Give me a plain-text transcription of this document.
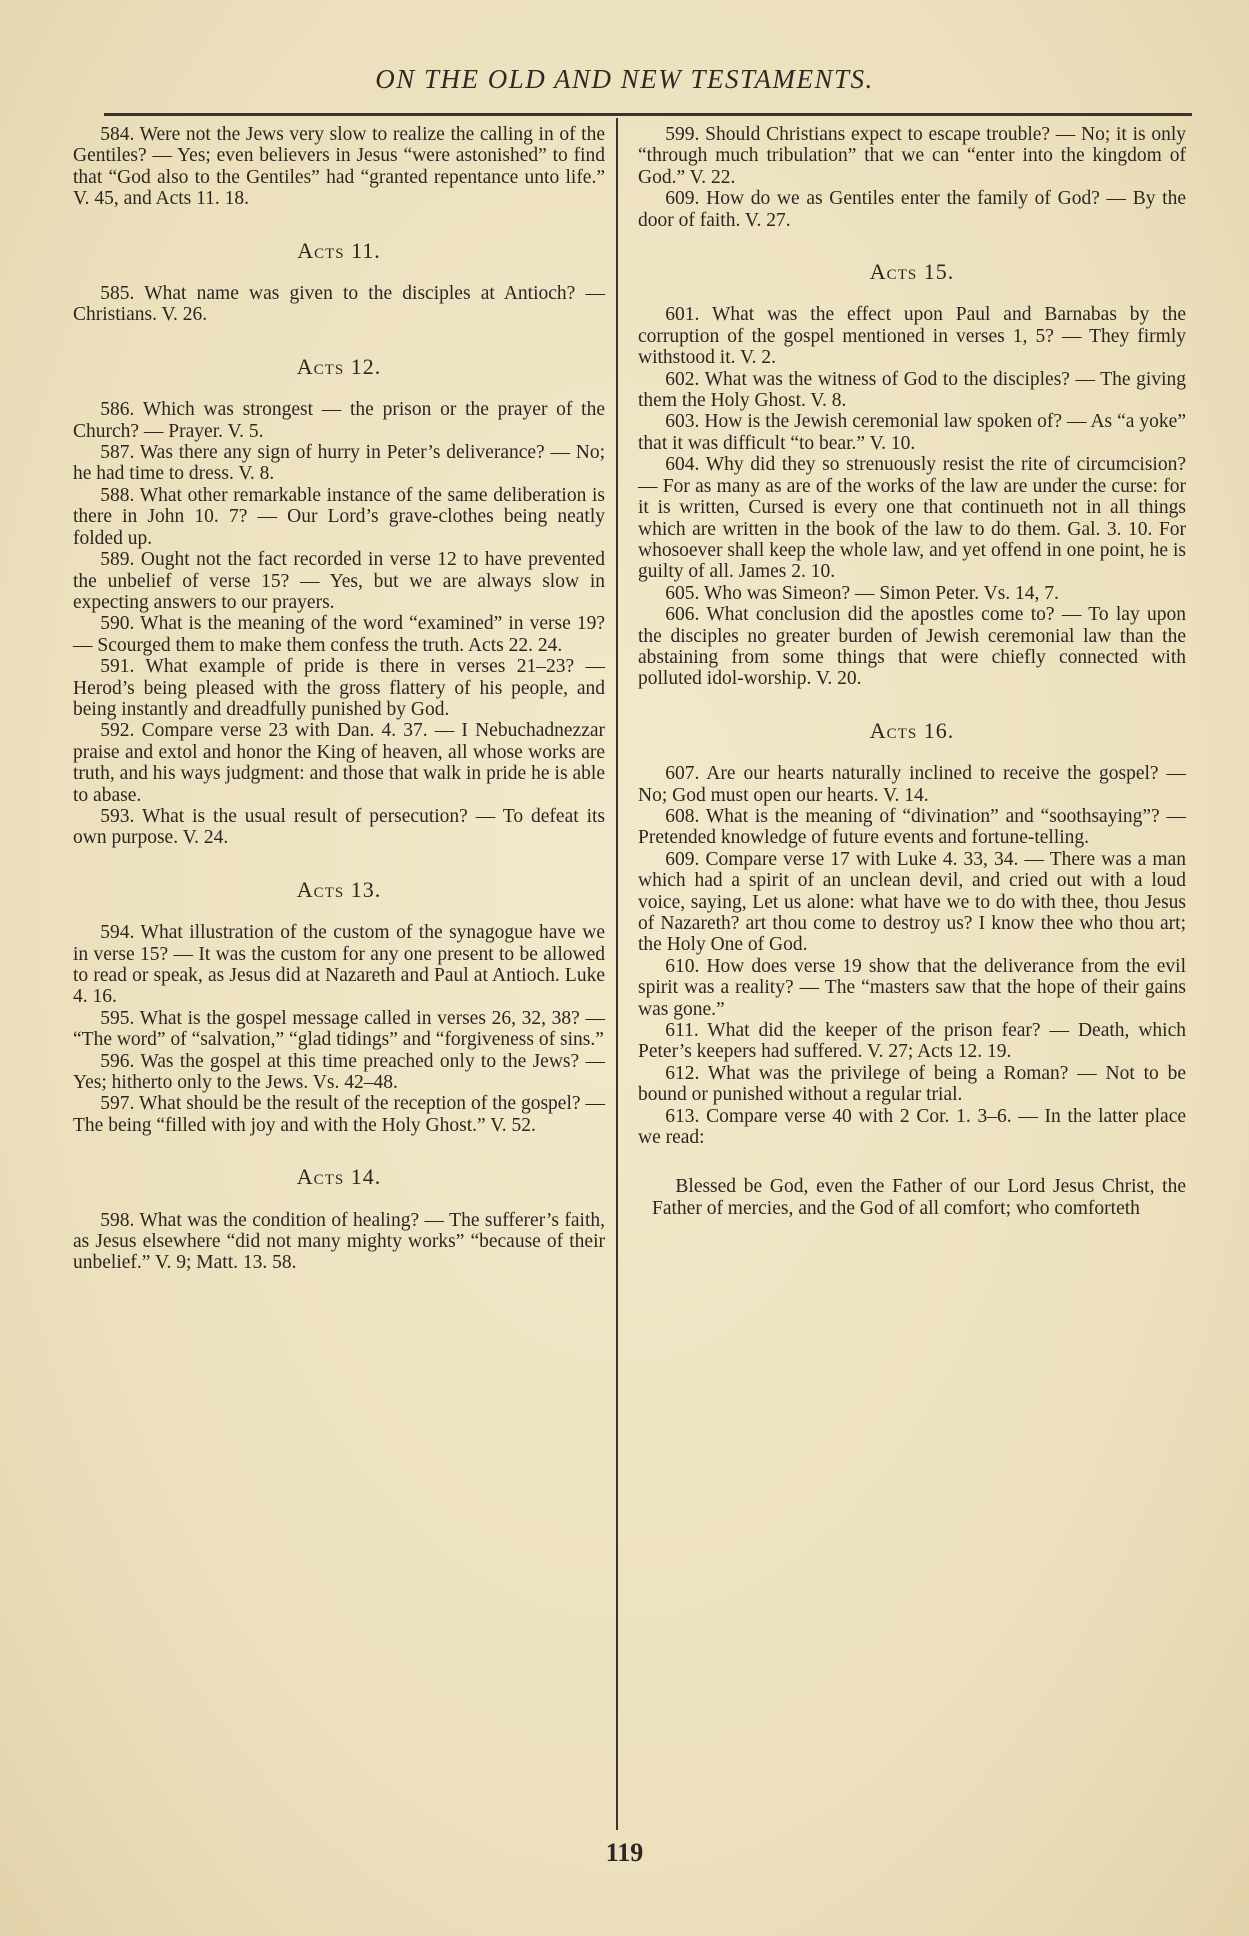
ON THE OLD AND NEW TESTAMENTS.

584. Were not the Jews very slow to realize the calling in of the Gentiles? — Yes; even believers in Jesus “were astonished” to find that “God also to the Gentiles” had “granted repentance unto life.” V. 45, and Acts 11. 18.

Acts 11.

585. What name was given to the disciples at Antioch? — Christians. V. 26.

Acts 12.

586. Which was strongest — the prison or the prayer of the Church? — Prayer. V. 5.

587. Was there any sign of hurry in Peter’s deliverance? — No; he had time to dress. V. 8.

588. What other remarkable instance of the same deliberation is there in John 10. 7? — Our Lord’s grave-clothes being neatly folded up.

589. Ought not the fact recorded in verse 12 to have prevented the unbelief of verse 15? — Yes, but we are always slow in expecting answers to our prayers.

590. What is the meaning of the word “examined” in verse 19? — Scourged them to make them confess the truth. Acts 22. 24.

591. What example of pride is there in verses 21–23? — Herod’s being pleased with the gross flattery of his people, and being instantly and dreadfully punished by God.

592. Compare verse 23 with Dan. 4. 37. — I Nebuchadnezzar praise and extol and honor the King of heaven, all whose works are truth, and his ways judgment: and those that walk in pride he is able to abase.

593. What is the usual result of persecution? — To defeat its own purpose. V. 24.

Acts 13.

594. What illustration of the custom of the synagogue have we in verse 15? — It was the custom for any one present to be allowed to read or speak, as Jesus did at Nazareth and Paul at Antioch. Luke 4. 16.

595. What is the gospel message called in verses 26, 32, 38? — “The word” of “salvation,” “glad tidings” and “forgiveness of sins.”

596. Was the gospel at this time preached only to the Jews? — Yes; hitherto only to the Jews. Vs. 42–48.

597. What should be the result of the reception of the gospel? — The being “filled with joy and with the Holy Ghost.” V. 52.

Acts 14.

598. What was the condition of healing? — The sufferer’s faith, as Jesus elsewhere “did not many mighty works” “because of their unbelief.” V. 9; Matt. 13. 58.

599. Should Christians expect to escape trouble? — No; it is only “through much tribulation” that we can “enter into the kingdom of God.” V. 22.

609. How do we as Gentiles enter the family of God? — By the door of faith. V. 27.

Acts 15.

601. What was the effect upon Paul and Barnabas by the corruption of the gospel mentioned in verses 1, 5? — They firmly withstood it. V. 2.

602. What was the witness of God to the disciples? — The giving them the Holy Ghost. V. 8.

603. How is the Jewish ceremonial law spoken of? — As “a yoke” that it was difficult “to bear.” V. 10.

604. Why did they so strenuously resist the rite of circumcision? — For as many as are of the works of the law are under the curse: for it is written, Cursed is every one that continueth not in all things which are written in the book of the law to do them. Gal. 3. 10. For whosoever shall keep the whole law, and yet offend in one point, he is guilty of all. James 2. 10.

605. Who was Simeon? — Simon Peter. Vs. 14, 7.

606. What conclusion did the apostles come to? — To lay upon the disciples no greater burden of Jewish ceremonial law than the abstaining from some things that were chiefly connected with polluted idol-worship. V. 20.

Acts 16.

607. Are our hearts naturally inclined to receive the gospel? — No; God must open our hearts. V. 14.

608. What is the meaning of “divination” and “soothsaying”? — Pretended knowledge of future events and fortune-telling.

609. Compare verse 17 with Luke 4. 33, 34. — There was a man which had a spirit of an unclean devil, and cried out with a loud voice, saying, Let us alone: what have we to do with thee, thou Jesus of Nazareth? art thou come to destroy us? I know thee who thou art; the Holy One of God.

610. How does verse 19 show that the deliverance from the evil spirit was a reality? — The “masters saw that the hope of their gains was gone.”

611. What did the keeper of the prison fear? — Death, which Peter’s keepers had suffered. V. 27; Acts 12. 19.

612. What was the privilege of being a Roman? — Not to be bound or punished without a regular trial.

613. Compare verse 40 with 2 Cor. 1. 3–6. — In the latter place we read:

Blessed be God, even the Father of our Lord Jesus Christ, the Father of mercies, and the God of all comfort; who comforteth

119
